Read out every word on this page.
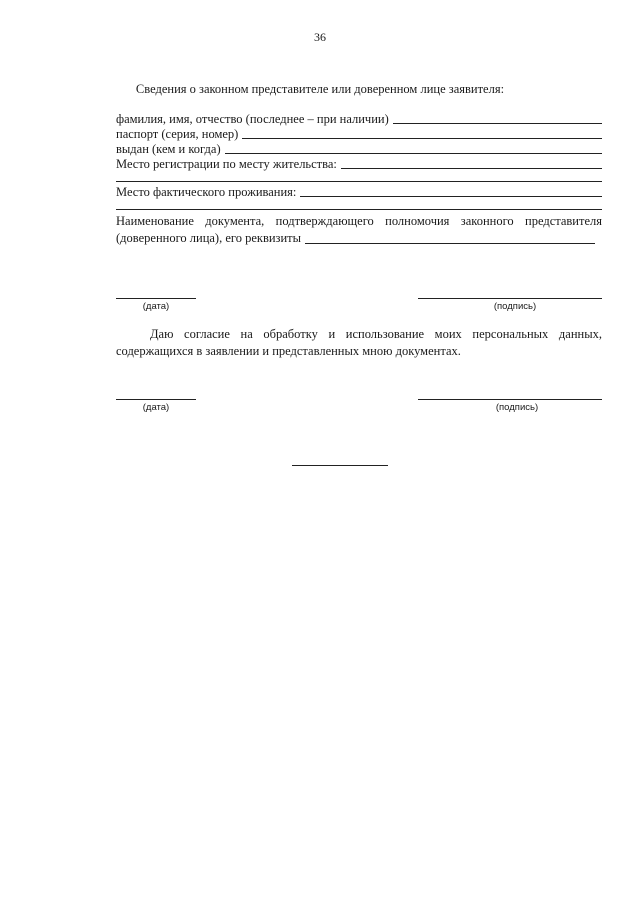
36
Сведения о законном представителе или доверенном лице заявителя:
фамилия, имя, отчество (последнее – при наличии)
паспорт (серия, номер)
выдан (кем и когда)
Место регистрации по месту жительства:
Место фактического проживания:
Наименование документа, подтверждающего полномочия законного представителя
(доверенного лица), его реквизиты
(дата)	(подпись)
Даю согласие на обработку и использование моих персональных данных,
содержащихся в заявлении и представленных мною документах.
(дата)	(подпись)
